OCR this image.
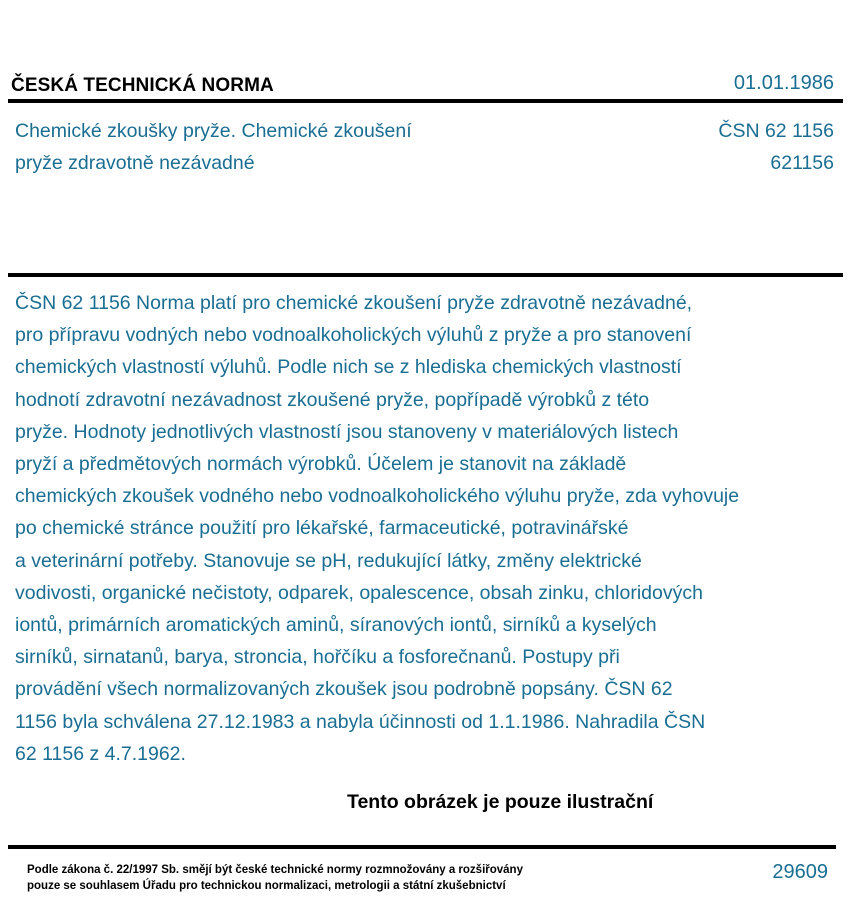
ČESKÁ TECHNICKÁ NORMA	01.01.1986
Chemické zkoušky pryže. Chemické zkoušení
pryže zdravotně nezávadné
ČSN 62 1156
621156
ČSN 62 1156 Norma platí pro chemické zkoušení pryže zdravotně nezávadné,
pro přípravu vodných nebo vodnoalkoholických výluhů z pryže a pro stanovení
chemických vlastností výluhů. Podle nich se z hlediska chemických vlastností
hodnotí zdravotní nezávadnost zkoušené pryže, popřípadě výrobků z této
pryže. Hodnoty jednotlivých vlastností jsou stanoveny v materiálových listech
pryží a předmětových normách výrobků. Účelem je stanovit na základě
chemických zkoušek vodného nebo vodnoalkoholického výluhu pryže, zda vyhovuje
po chemické stránce použití pro lékařské, farmaceutické, potravinářské
a veterinární potřeby. Stanovuje se pH, redukující látky, změny elektrické
vodivosti, organické nečistoty, odparek, opalescence, obsah zinku, chloridových
iontů, primárních aromatických aminů, síranových iontů, sirníků a kyselých
sirníků, sirnatanů, barya, stroncia, hořčíku a fosforečnanů. Postupy při
provádění všech normalizovaných zkoušek jsou podrobně popsány. ČSN 62
1156 byla schválena 27.12.1983 a nabyla účinnosti od 1.1.1986. Nahradila ČSN
62 1156 z 4.7.1962.
Tento obrázek je pouze ilustrační
Podle zákona č. 22/1997 Sb. smějí být české technické normy rozmnožovány a rozšiřovány
pouze se souhlasem Úřadu pro technickou normalizaci, metrologii a státní zkušebnictví
29609
